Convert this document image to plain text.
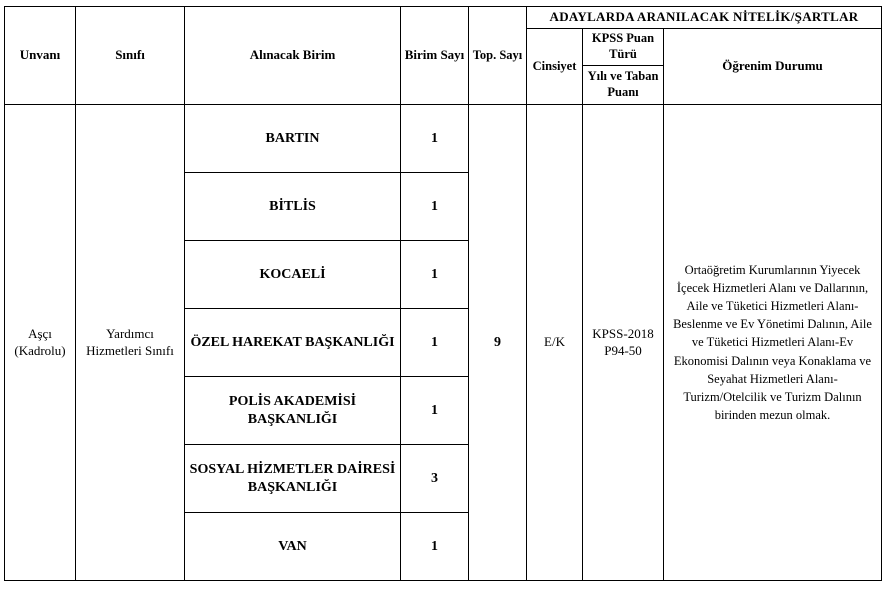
Unvanı	Sınıfı	Alınacak Birim	Birim Sayı	Top. Sayı	ADAYLARDA ARANILACAK NİTELİK/ŞARTLAR		
					Cinsiyet	KPSS Puan Türü	Öğrenim Durumu
						Yılı ve Taban Puanı	
Aşçı (Kadrolu)	Yardımcı Hizmetleri Sınıfı	BARTIN	1	9	E/K	KPSS-2018 P94-50	Ortaöğretim Kurumlarının Yiyecek İçecek Hizmetleri Alanı ve Dallarının, Aile ve Tüketici Hizmetleri Alanı-Beslenme ve Ev Yönetimi Dalının, Aile ve Tüketici Hizmetleri Alanı-Ev Ekonomisi Dalının veya Konaklama ve Seyahat Hizmetleri Alanı-Turizm/Otelcilik ve Turizm Dalının birinden mezun olmak.
		BİTLİS	1				
		KOCAELİ	1				
		ÖZEL HAREKAT BAŞKANLIĞI	1				
		POLİS AKADEMİSİ BAŞKANLIĞI	1				
		SOSYAL HİZMETLER DAİRESİ BAŞKANLIĞI	3				
		VAN	1				
